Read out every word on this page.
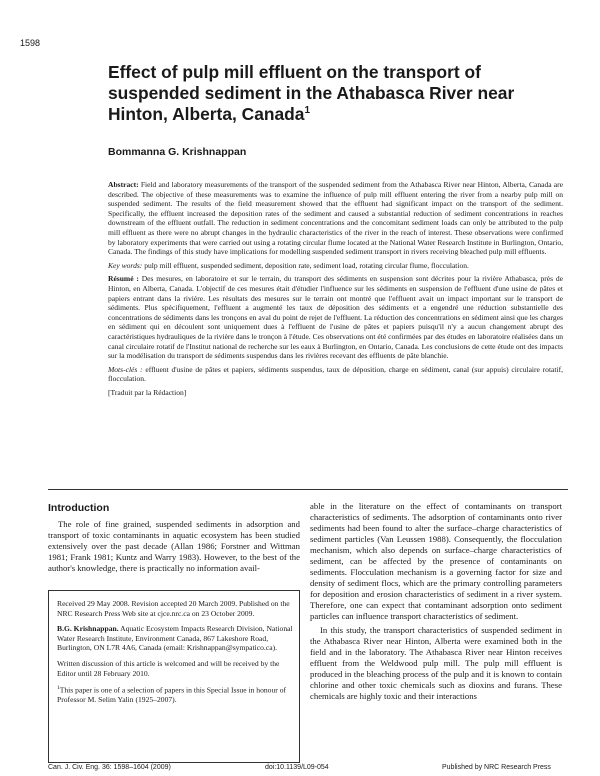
1598
Effect of pulp mill effluent on the transport of suspended sediment in the Athabasca River near Hinton, Alberta, Canada$^1$
Bommanna G. Krishnappan

Abstract: Field and laboratory measurements of the transport of the suspended sediment from the Athabasca River near Hinton, Alberta, Canada are described. The objective of these measurements was to examine the influence of pulp mill effluent entering the river from a nearby pulp mill on suspended sediment. The results of the field measurement showed that the effluent had significant impact on the transport of the sediment. Specifically, the effluent increased the deposition rates of the sediment and caused a substantial reduction of sediment concentrations in reaches downstream of the effluent outfall. The reduction in sediment concentrations and the concomitant sediment loads can only be attributed to the pulp mill effluent as there were no abrupt changes in the hydraulic characteristics of the river in the reach of interest. These observations were confirmed by laboratory experiments that were carried out using a rotating circular flume located at the National Water Research Institute in Burlington, Ontario, Canada. The findings of this study have implications for modelling suspended sediment transport in rivers receiving bleached pulp mill effluents.

Key words: pulp mill effluent, suspended sediment, deposition rate, sediment load, rotating circular flume, flocculation.

Résumé : Des mesures, en laboratoire et sur le terrain, du transport des sédiments en suspension sont décrites pour la rivière Athabasca, près de Hinton, en Alberta, Canada. L'objectif de ces mesures était d'étudier l'influence sur les sédiments en suspension de l'effluent d'une usine de pâtes et papiers entrant dans la rivière. Les résultats des mesures sur le terrain ont montré que l'effluent avait un impact important sur le transport de sédiments. Plus spécifiquement, l'effluent a augmenté les taux de déposition des sédiments et a engendré une réduction substantielle des concentrations de sédiments dans les tronçons en aval du point de rejet de l'effluent. La réduction des concentrations en sédiment ainsi que les charges en sédiment qui en découlent sont uniquement dues à l'effluent de l'usine de pâtes et papiers puisqu'il n'y a aucun changement abrupt des caractéristiques hydrauliques de la rivière dans le tronçon à l'étude. Ces observations ont été confirmées par des études en laboratoire réalisées dans un canal circulaire rotatif de l'Institut national de recherche sur les eaux à Burlington, en Ontario, Canada. Les conclusions de cette étude ont des impacts sur la modélisation du transport de sédiments suspendus dans les rivières recevant des effluents de pâte blanchie.

Mots-clés : effluent d'usine de pâtes et papiers, sédiments suspendus, taux de déposition, charge en sédiment, canal (sur appuis) circulaire rotatif, flocculation.

[Traduit par la Rédaction]

Introduction

The role of fine grained, suspended sediments in adsorption and transport of toxic contaminants in aquatic ecosystem has been studied extensively over the past decade (Allan 1986; Forstner and Wittman 1981; Frank 1981; Kuntz and Warry 1983). However, to the best of the author's knowledge, there is practically no information avail-

able in the literature on the effect of contaminants on transport characteristics of sediments. The adsorption of contaminants onto river sediments had been found to alter the surface–charge characteristics of sediment particles (Van Leussen 1988). Consequently, the flocculation mechanism, which also depends on surface–charge characteristics of sediment, can be affected by the presence of contaminants on sediments. Flocculation mechanism is a governing factor for size and density of sediment flocs, which are the primary controlling parameters for deposition and erosion characteristics of sediment in a river system. Therefore, one can expect that contaminant adsorption onto sediment particles can influence transport characteristics of sediment.

In this study, the transport characteristics of suspended sediment in the Athabasca River near Hinton, Alberta were examined both in the field and in the laboratory. The Athabasca River near Hinton receives effluent from the Weldwood pulp mill. The pulp mill effluent is produced in the bleaching process of the pulp and it is known to contain chlorine and other toxic chemicals such as dioxins and furans. These chemicals are highly toxic and their interactions

Received 29 May 2008. Revision accepted 20 March 2009. Published on the NRC Research Press Web site at cjce.nrc.ca on 23 October 2009.

B.G. Krishnappan. Aquatic Ecosystem Impacts Research Division, National Water Research Institute, Environment Canada, 867 Lakeshore Road, Burlington, ON L7R 4A6, Canada (email: Krishnappan@sympatico.ca).

Written discussion of this article is welcomed and will be received by the Editor until 28 February 2010.

$^1$This paper is one of a selection of papers in this Special Issue in honour of Professor M. Selim Yalin (1925–2007).

Can. J. Civ. Eng. 36: 1598–1604 (2009)	doi:10.1139/L09-054	Published by NRC Research Press
